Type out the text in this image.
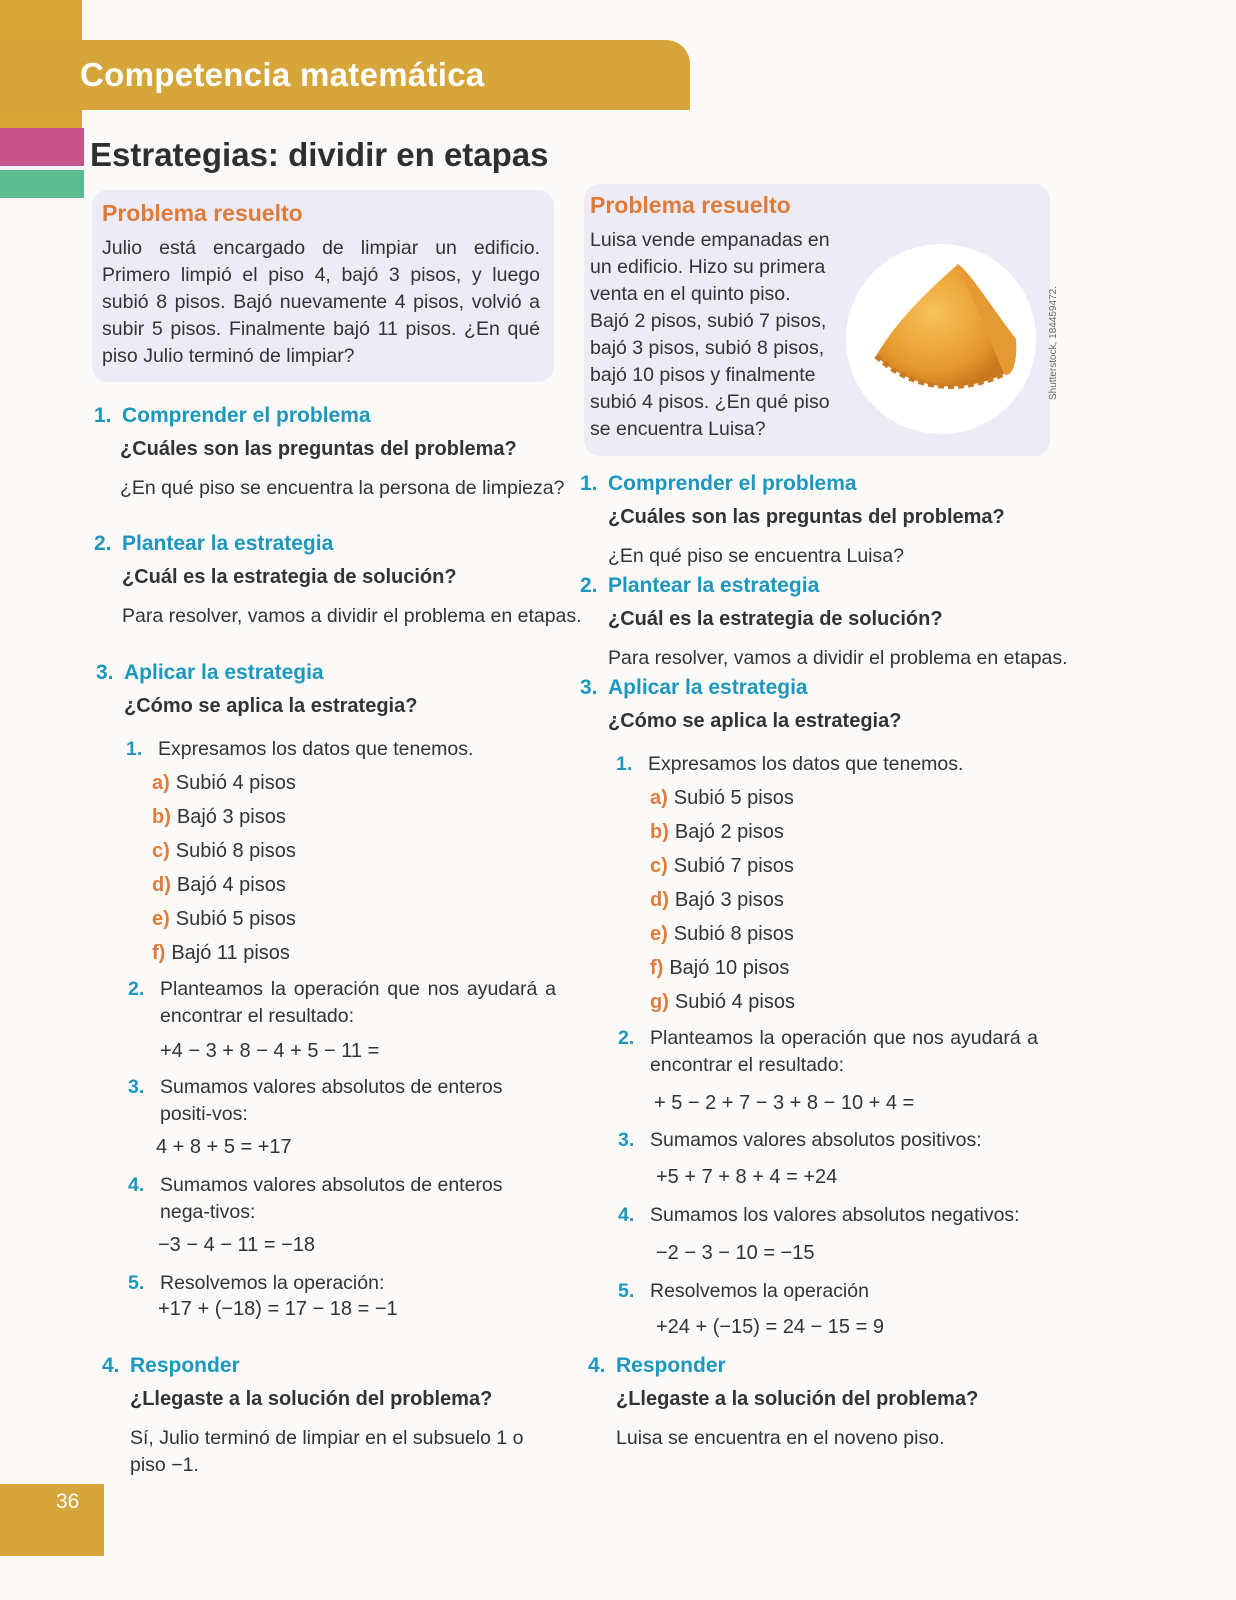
Competencia matemática
Estrategias: dividir en etapas
Problema resuelto
Julio está encargado de limpiar un edificio. Primero limpió el piso 4, bajó 3 pisos, y luego subió 8 pisos. Bajó nuevamente 4 pisos, volvió a subir 5 pisos. Finalmente bajó 11 pisos. ¿En qué piso Julio terminó de limpiar?
1. Comprender el problema
¿Cuáles son las preguntas del problema?
¿En qué piso se encuentra la persona de limpieza?
2. Plantear la estrategia
¿Cuál es la estrategia de solución?
Para resolver, vamos a dividir el problema en etapas.
3. Aplicar la estrategia
¿Cómo se aplica la estrategia?
1. Expresamos los datos que tenemos.
a) Subió 4 pisos
b) Bajó 3 pisos
c) Subió 8 pisos
d) Bajó 4 pisos
e) Subió 5 pisos
f) Bajó 11 pisos
2. Planteamos la operación que nos ayudará a encontrar el resultado:
+4 − 3 + 8 − 4 + 5 − 11 =
3. Sumamos valores absolutos de enteros positi-vos:
4 + 8 + 5 = +17
4. Sumamos valores absolutos de enteros nega-tivos:
−3 − 4 − 11 = −18
5. Resolvemos la operación:
+17 + (−18) = 17 − 18 = −1
4. Responder
¿Llegaste a la solución del problema?
Sí, Julio terminó de limpiar en el subsuelo 1 o piso −1.
Problema resuelto
Luisa vende empanadas en un edificio. Hizo su primera venta en el quinto piso. Bajó 2 pisos, subió 7 pisos, bajó 3 pisos, subió 8 pisos, bajó 10 pisos y finalmente subió 4 pisos. ¿En qué piso se encuentra Luisa?
Shutterstock, 184459472.
1. Comprender el problema
¿Cuáles son las preguntas del problema?
¿En qué piso se encuentra Luisa?
2. Plantear la estrategia
¿Cuál es la estrategia de solución?
Para resolver, vamos a dividir el problema en etapas.
3. Aplicar la estrategia
¿Cómo se aplica la estrategia?
1. Expresamos los datos que tenemos.
a) Subió 5 pisos
b) Bajó 2 pisos
c) Subió 7 pisos
d) Bajó 3 pisos
e) Subió 8 pisos
f) Bajó 10 pisos
g) Subió 4 pisos
2. Planteamos la operación que nos ayudará a encontrar el resultado:
+ 5 − 2 + 7 − 3 + 8 − 10 + 4 =
3. Sumamos valores absolutos positivos:
+5 + 7 + 8 + 4 = +24
4. Sumamos los valores absolutos negativos:
−2 − 3 − 10 = −15
5. Resolvemos la operación
+24 + (−15) = 24 − 15 = 9
4. Responder
¿Llegaste a la solución del problema?
Luisa se encuentra en el noveno piso.
36
